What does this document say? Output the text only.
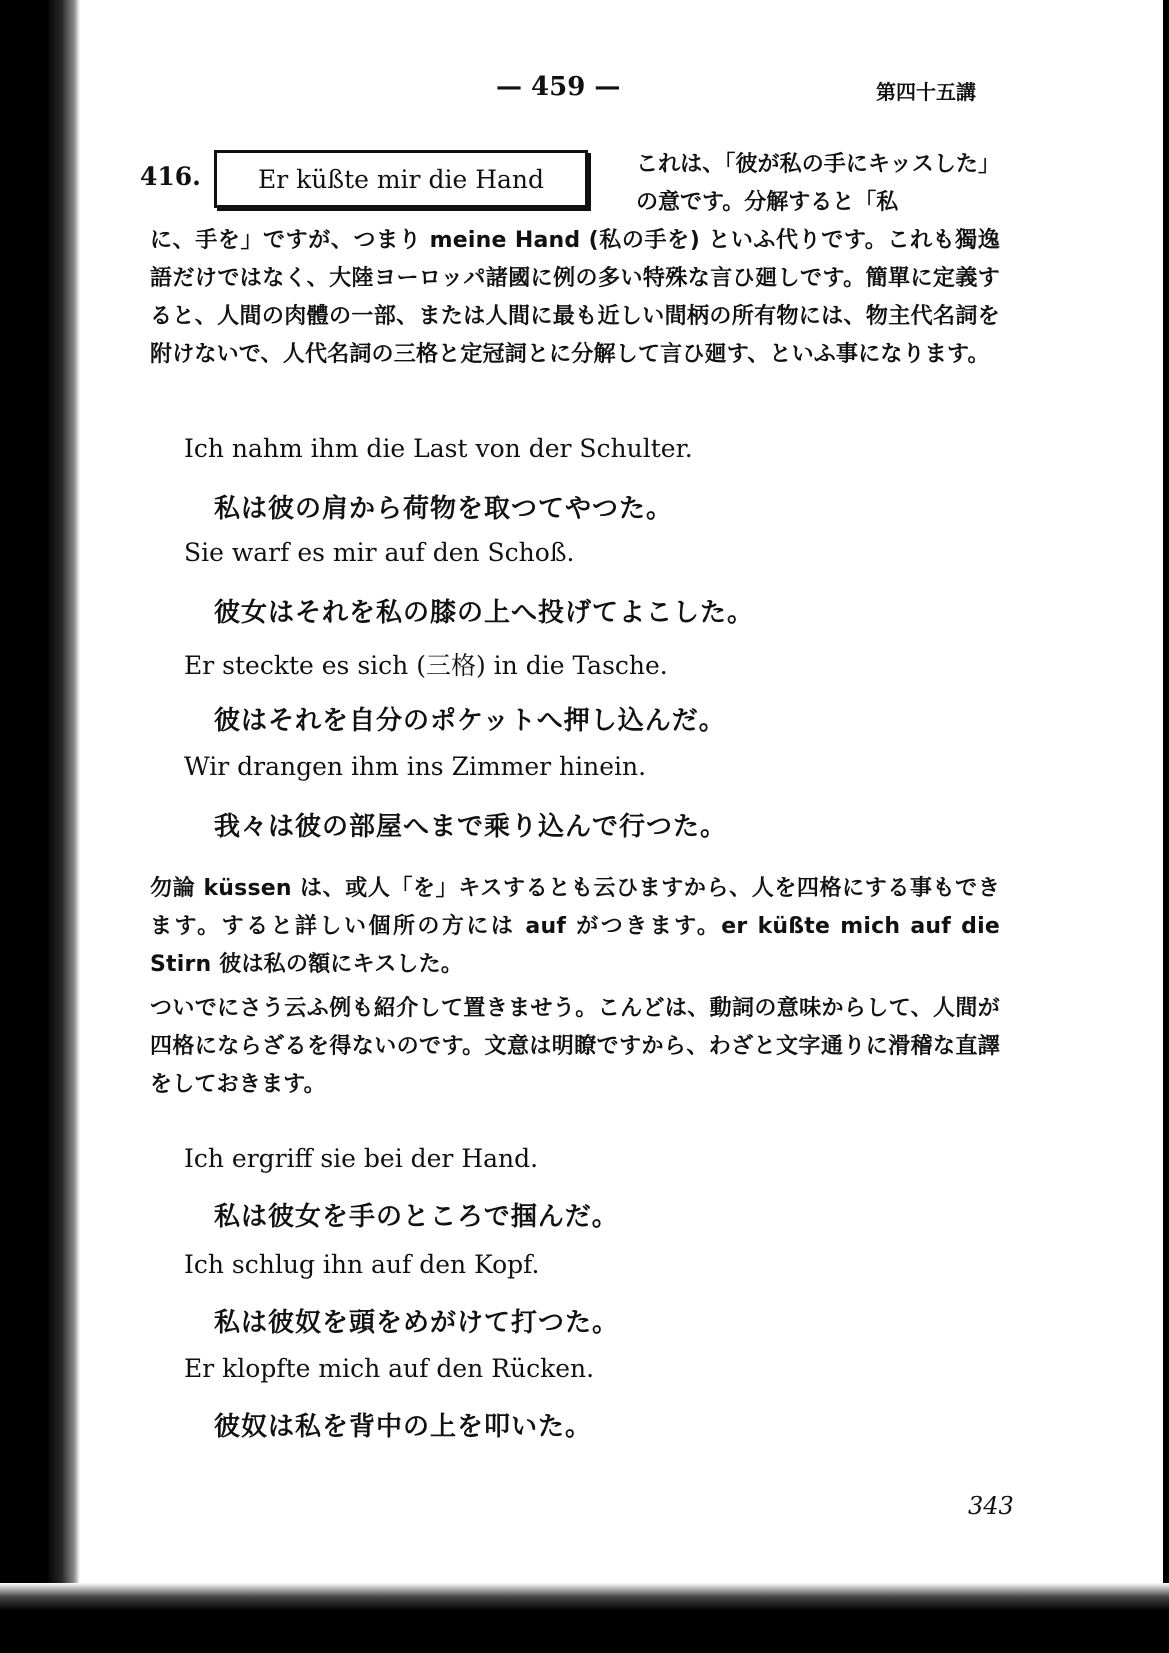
— 459 —	第四十五講
416. Er küßte mir die Hand	これは、「彼が私の手にキッスした」の意です。分解すると「私
に、手を」ですが、つまり meine Hand (私の手を) といふ代りです。これも獨逸語だけではなく、大陸ヨーロッパ諸國に例の多い特殊な言ひ廻しです。簡單に定義すると、人間の肉體の一部、または人間に最も近しい間柄の所有物には、物主代名詞を附けないで、人代名詞の三格と定冠詞とに分解して言ひ廻す、といふ事になります。
Ich nahm ihm die Last von der Schulter.
私は彼の肩から荷物を取つてやつた。
Sie warf es mir auf den Schoß.
彼女はそれを私の膝の上へ投げてよこした。
Er steckte es sich (三格) in die Tasche.
彼はそれを自分のポケットへ押し込んだ。
Wir drangen ihm ins Zimmer hinein.
我々は彼の部屋へまで乘り込んで行つた。
勿論 küssen は、或人「を」キスするとも云ひますから、人を四格にする事もできます。すると詳しい個所の方には auf がつきます。er küßte mich auf die Stirn 彼は私の額にキスした。
ついでにさう云ふ例も紹介して置きませう。こんどは、動詞の意味からして、人間が四格にならざるを得ないのです。文意は明瞭ですから、わざと文字通りに滑稽な直譯をしておきます。
Ich ergriff sie bei der Hand.
私は彼女を手のところで掴んだ。
Ich schlug ihn auf den Kopf.
私は彼奴を頭をめがけて打つた。
Er klopfte mich auf den Rücken.
彼奴は私を背中の上を叩いた。
343
